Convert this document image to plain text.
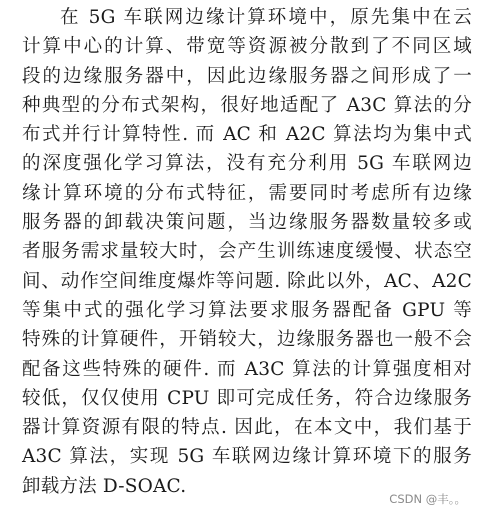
在 5G 车联网边缘计算环境中，原先集中在云
计算中心的计算、带宽等资源被分散到了不同区域
段的边缘服务器中，因此边缘服务器之间形成了一
种典型的分布式架构，很好地适配了 A3C 算法的分
布式并行计算特性. 而 AC 和 A2C 算法均为集中式
的深度强化学习算法，没有充分利用 5G 车联网边
缘计算环境的分布式特征，需要同时考虑所有边缘
服务器的卸载决策问题，当边缘服务器数量较多或
者服务需求量较大时，会产生训练速度缓慢、状态空
间、动作空间维度爆炸等问题. 除此以外，AC、A2C
等集中式的强化学习算法要求服务器配备 GPU 等
特殊的计算硬件，开销较大，边缘服务器也一般不会
配备这些特殊的硬件. 而 A3C 算法的计算强度相对
较低，仅仅使用 CPU 即可完成任务，符合边缘服务
器计算资源有限的特点. 因此，在本文中，我们基于
A3C 算法，实现 5G 车联网边缘计算环境下的服务
卸载方法 D-SOAC.
CSDN @丰。。
